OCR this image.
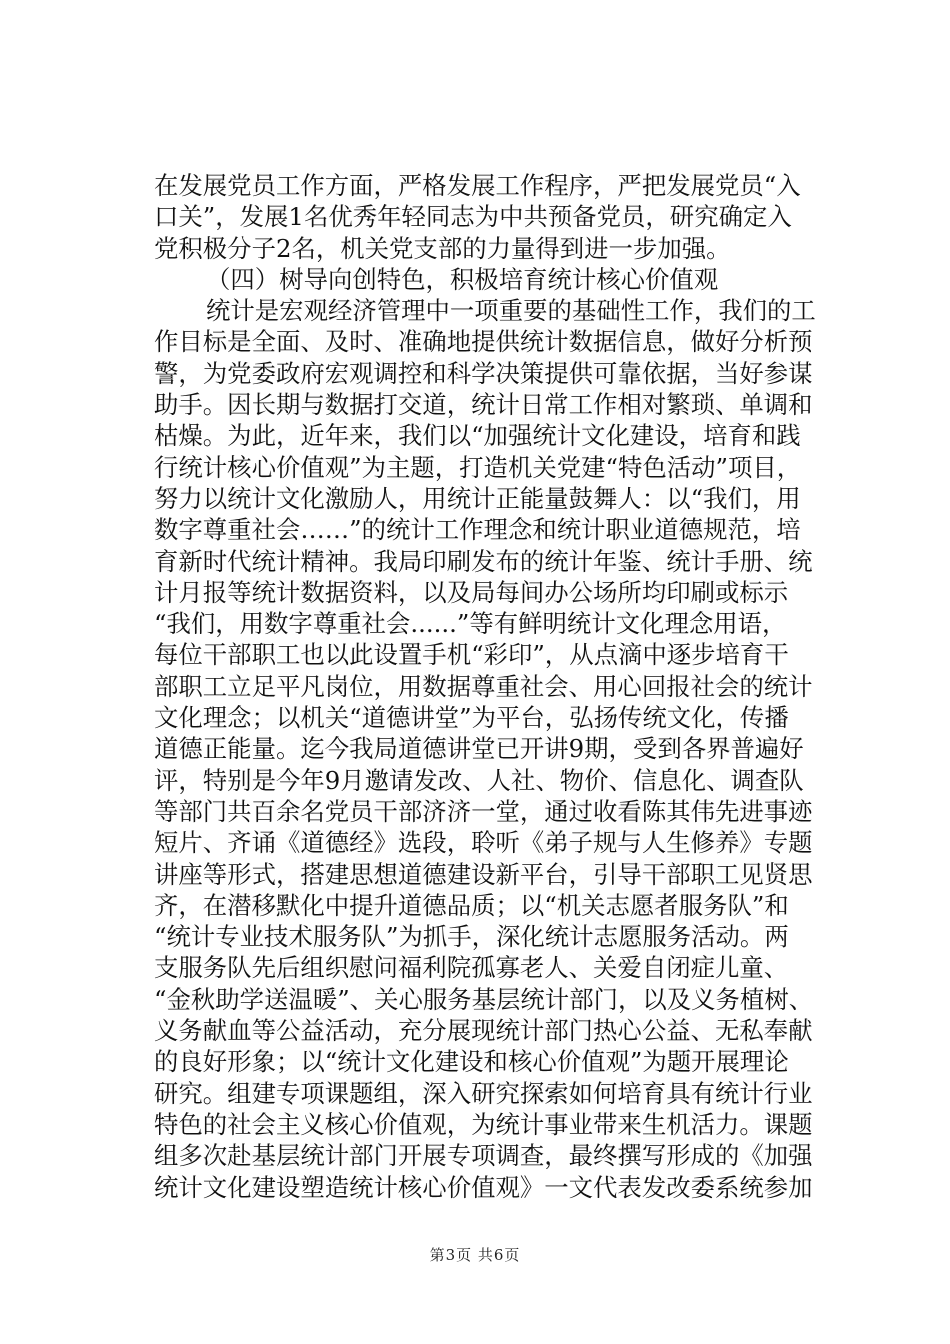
在发展党员工作方面，严格发展工作程序，严把发展党员“入
口关”，发展1名优秀年轻同志为中共预备党员，研究确定入
党积极分子2名，机关党支部的力量得到进一步加强。
（四）树导向创特色，积极培育统计核心价值观
统计是宏观经济管理中一项重要的基础性工作，我们的工
作目标是全面、及时、准确地提供统计数据信息，做好分析预
警，为党委政府宏观调控和科学决策提供可靠依据，当好参谋
助手。因长期与数据打交道，统计日常工作相对繁琐、单调和
枯燥。为此，近年来，我们以“加强统计文化建设，培育和践
行统计核心价值观”为主题，打造机关党建“特色活动”项目，
努力以统计文化激励人，用统计正能量鼓舞人：以“我们，用
数字尊重社会……”的统计工作理念和统计职业道德规范，培
育新时代统计精神。我局印刷发布的统计年鉴、统计手册、统
计月报等统计数据资料，以及局每间办公场所均印刷或标示
“我们，用数字尊重社会......”等有鲜明统计文化理念用语，
每位干部职工也以此设置手机“彩印”，从点滴中逐步培育干
部职工立足平凡岗位，用数据尊重社会、用心回报社会的统计
文化理念；以机关“道德讲堂”为平台，弘扬传统文化，传播
道德正能量。迄今我局道德讲堂已开讲9期，受到各界普遍好
评，特别是今年9月邀请发改、人社、物价、信息化、调查队
等部门共百余名党员干部济济一堂，通过收看陈其伟先进事迹
短片、齐诵《道德经》选段，聆听《弟子规与人生修养》专题
讲座等形式，搭建思想道德建设新平台，引导干部职工见贤思
齐，在潜移默化中提升道德品质；以“机关志愿者服务队”和
“统计专业技术服务队”为抓手，深化统计志愿服务活动。两
支服务队先后组织慰问福利院孤寡老人、关爱自闭症儿童、
“金秋助学送温暖”、关心服务基层统计部门，以及义务植树、
义务献血等公益活动，充分展现统计部门热心公益、无私奉献
的良好形象；以“统计文化建设和核心价值观”为题开展理论
研究。组建专项课题组，深入研究探索如何培育具有统计行业
特色的社会主义核心价值观，为统计事业带来生机活力。课题
组多次赴基层统计部门开展专项调查，最终撰写形成的《加强
统计文化建设塑造统计核心价值观》一文代表发改委系统参加
第3页 共6页
